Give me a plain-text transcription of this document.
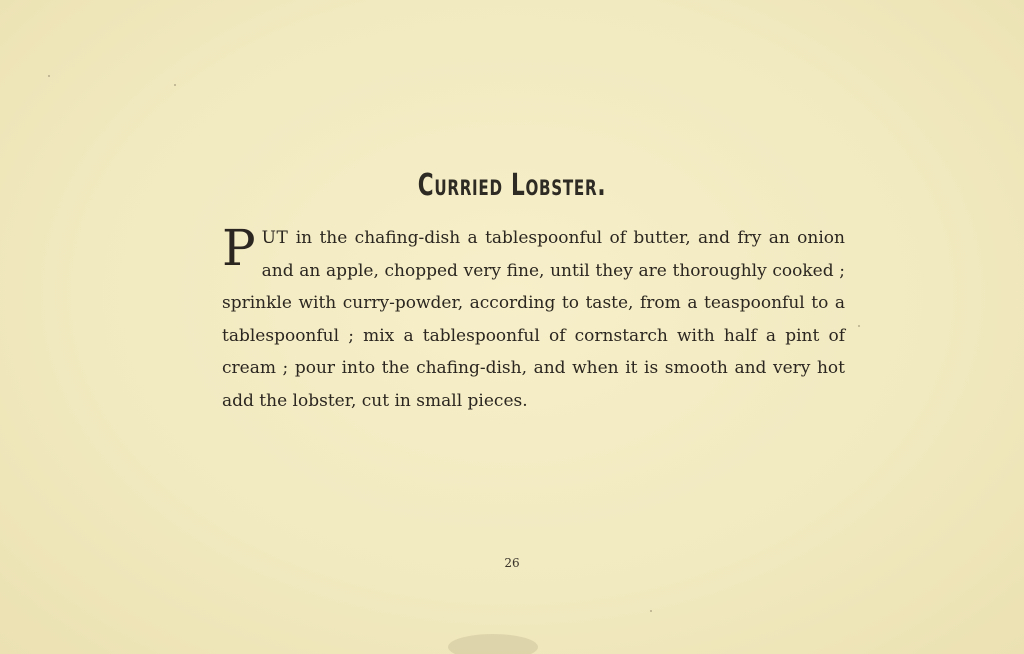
Curried Lobster.

PUT in the chafing-dish a tablespoonful of butter, and fry an onion and an apple, chopped very fine, until they are thoroughly cooked ; sprinkle with curry-powder, according to taste, from a teaspoonful to a tablespoonful ; mix a tablespoonful of cornstarch with half a pint of cream ; pour into the chafing-dish, and when it is smooth and very hot add the lobster, cut in small pieces.

26
